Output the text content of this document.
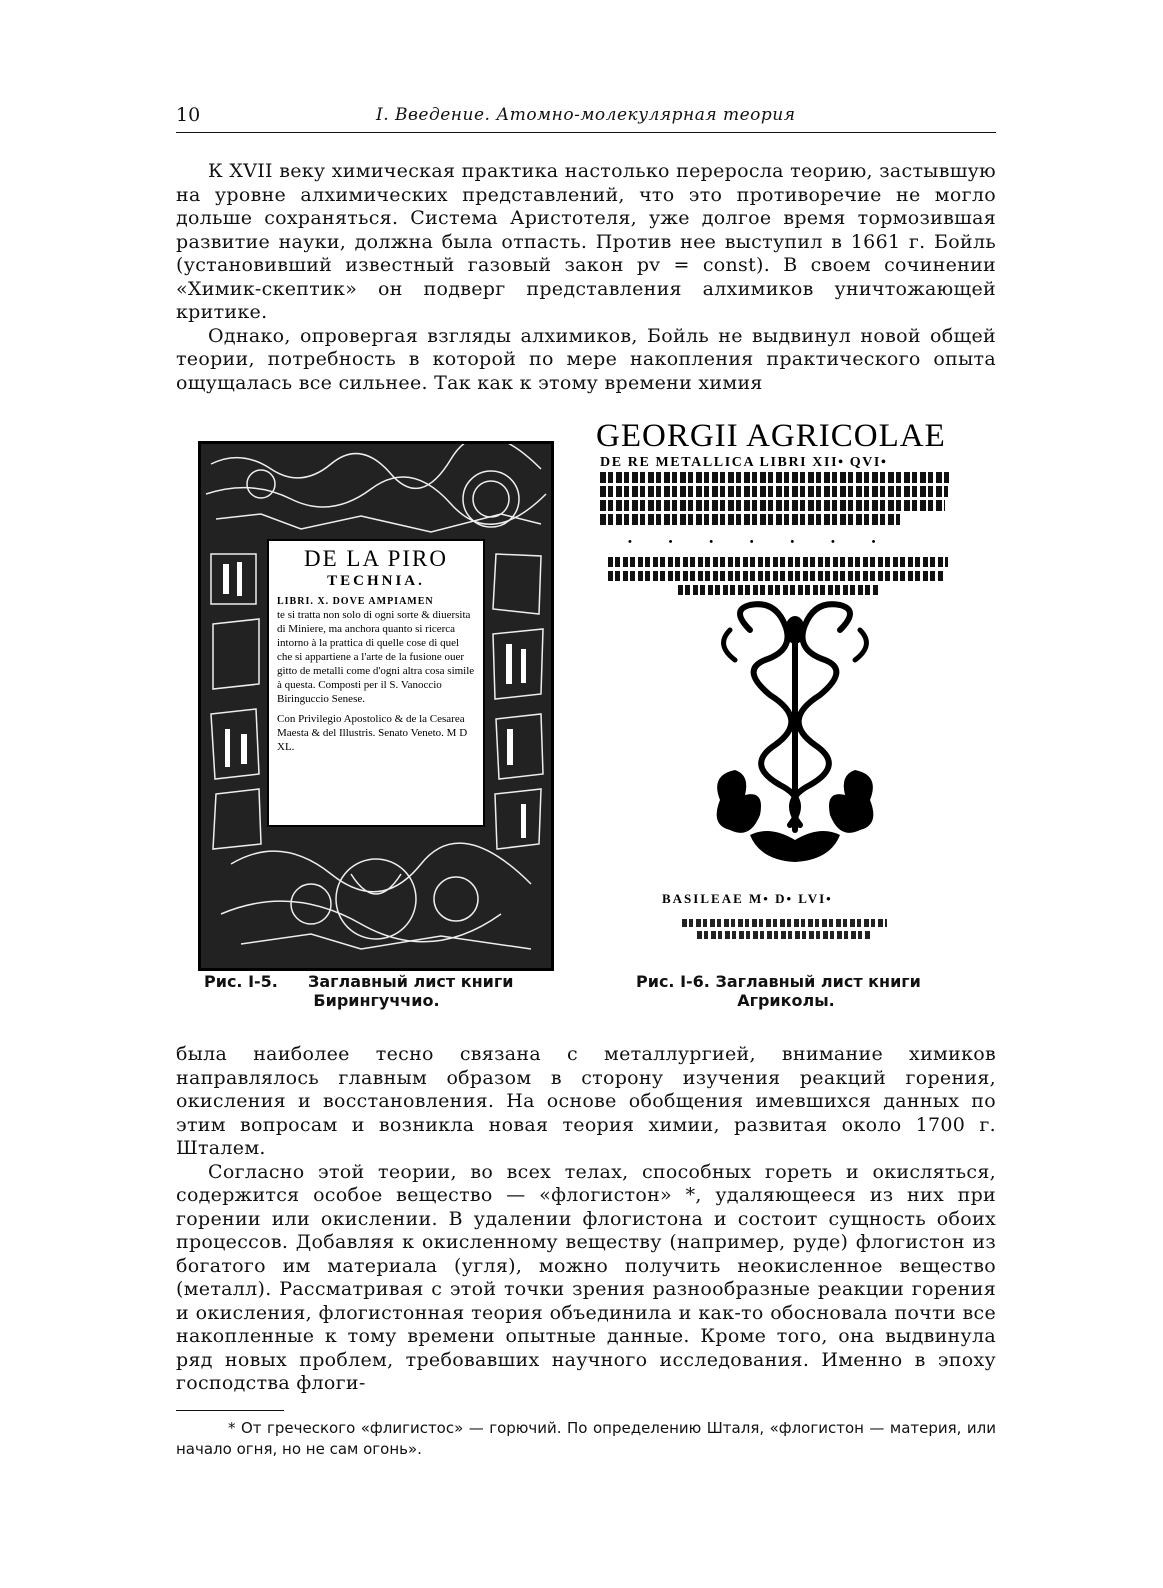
10	I. Введение. Атомно-молекулярная теория

К XVII веку химическая практика настолько переросла теорию, застывшую на уровне алхимических представлений, что это противоречие не могло дольше сохраняться. Система Аристотеля, уже долгое время тормозившая развитие науки, должна была отпасть. Против нее выступил в 1661 г. Бойль (установивший известный газовый закон pv = const). В своем сочинении «Химик-скептик» он подверг представления алхимиков уничтожающей критике.

Однако, опровергая взгляды алхимиков, Бойль не выдвинул новой общей теории, потребность в которой по мере накопления практического опыта ощущалась все сильнее. Так как к этому времени химия

DE LA PIRO
TECHNIA.
LIBRI. X. DOVE AMPIAMEN
te si tratta non solo di ogni sorte & diuersita di Miniere, ma anchora quanto si ricerca intorno à la prattica di quelle cose di quel che si appartiene a l'arte de la fusione ouer gitto de metalli come d'ogni altra cosa simile à questa. Composti per il S. Vanoccio Biringuccio Senese.
Con Privilegio Apostolico & de la Cesarea Maesta & del Illustris. Senato Veneto. M D XL.
GEORGII AGRICOLAE
DE RE METALLICA LIBRI XII• QVI•
• • • • • • •
BASILEAE M• D• LVI•
Рис. I-5. Заглавный лист книги
Бирингуччио.
Рис. I-6. Заглавный лист книги
Агриколы.

была наиболее тесно связана с металлургией, внимание химиков направлялось главным образом в сторону изучения реакций горения, окисления и восстановления. На основе обобщения имевшихся данных по этим вопросам и возникла новая теория химии, развитая около 1700 г. Шталем.

Согласно этой теории, во всех телах, способных гореть и окисляться, содержится особое вещество — «флогистон» *, удаляющееся из них при горении или окислении. В удалении флогистона и состоит сущность обоих процессов. Добавляя к окисленному веществу (например, руде) флогистон из богатого им материала (угля), можно получить неокисленное вещество (металл). Рассматривая с этой точки зрения разнообразные реакции горения и окисления, флогистонная теория объединила и как-то обосновала почти все накопленные к тому времени опытные данные. Кроме того, она выдвинула ряд новых проблем, требовавших научного исследования. Именно в эпоху господства флоги-

* От греческого «флигистос» — горючий. По определению Шталя, «флогистон — материя, или начало огня, но не сам огонь».
